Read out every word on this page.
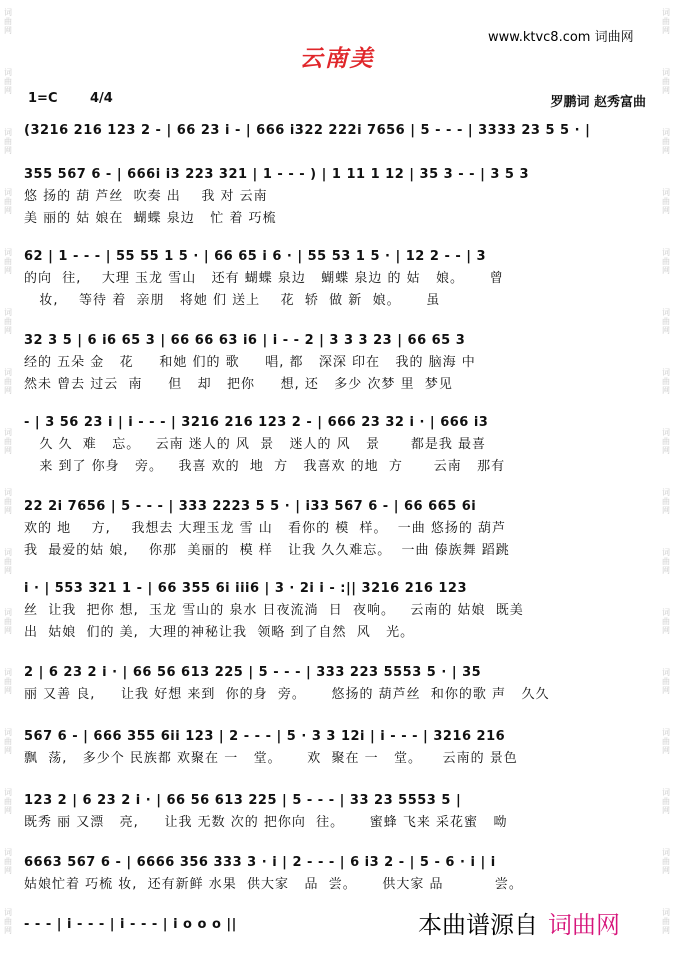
词曲网
词曲网
词曲网
词曲网
词曲网
词曲网
词曲网
词曲网
词曲网
词曲网
词曲网
词曲网
词曲网
词曲网
词曲网
词曲网
词曲网
词曲网
词曲网
词曲网
词曲网
词曲网
词曲网
词曲网
词曲网
词曲网
词曲网
词曲网
词曲网
词曲网
词曲网
词曲网
www.ktvc8.com 词曲网
云南美
1=C	4/4	罗鹏词 赵秀富曲
(3216 216 123 2 - | 66 23 i - | 666 i322 222i 7656 | 5 - - - | 3333 23 5 5 · |
355 567 6 - | 666i i3 223 321 | 1 - - - ) | 1 11 1 12 | 35 3 - - | 3 5 3
悠 扬的 葫 芦丝  吹奏 出    我 对 云南
美 丽的 姑 娘在  蝴蝶 泉边   忙 着 巧梳
62 | 1 - - - | 55 55 1 5 · | 66 65 i 6 · | 55 53 1 5 · | 12 2 - - | 3
的向  往,    大理 玉龙 雪山   还有 蝴蝶 泉边   蝴蝶 泉边 的 姑   娘。     曾
妆,    等待 着  亲朋   将她 们 送上    花  轿  做 新  娘。     虽
32 3 5 | 6 i6 65 3 | 66 66 63 i6 | i - - 2 | 3 3 3 23 | 66 65 3
经的 五朵 金   花     和她 们的 歌     唱, 都   深深 印在   我的 脑海 中
然未 曾去 过云  南     但   却   把你     想, 还   多少 次梦 里  梦见
- | 3 56 23 i | i - - - | 3216 216 123 2 - | 666 23 32 i · | 666 i3
久 久  难   忘。   云南 迷人的 风  景   迷人的 风   景      都是我 最喜
来 到了 你身   旁。   我喜 欢的  地  方   我喜欢 的地  方      云南   那有
22 2i 7656 | 5 - - - | 333 2223 5 5 · | i33 567 6 - | 66 665 6i
欢的 地    方,    我想去 大理玉龙 雪 山   看你的 模  样。  一曲 悠扬的 葫芦
我  最爱的姑 娘,    你那  美丽的  模 样   让我 久久难忘。  一曲 傣族舞 蹈跳
i · | 553 321 1 - | 66 355 6i iii6 | 3 · 2i i - :|| 3216 216 123
丝  让我  把你 想,  玉龙 雪山的 泉水 日夜流淌  日  夜响。   云南的 姑娘  既美
出  姑娘  们的 美,  大理的神秘让我  领略 到了自然  风   光。
2 | 6 23 2 i · | 66 56 613 225 | 5 - - - | 333 223 5553 5 · | 35
丽 又善 良,     让我 好想 来到  你的身  旁。     悠扬的 葫芦丝  和你的歌 声   久久
567 6 - | 666 355 6ii 123 | 2 - - - | 5 · 3 3 12i | i - - - | 3216 216
飘  荡,   多少个 民族都 欢聚在 一   堂。     欢  聚在 一   堂。    云南的 景色
123 2 | 6 23 2 i · | 66 56 613 225 | 5 - - - | 33 23 5553 5 |
既秀 丽 又漂   亮,     让我 无数 次的 把你向  往。     蜜蜂 飞来 采花蜜   呦
6663 567 6 - | 6666 356 333 3 · i | 2 - - - | 6 i3 2 - | 5 - 6 · i | i
姑娘忙着 巧梳 妆,  还有新鲜 水果  供大家   品  尝。     供大家 品          尝。
- - - | i - - - | i - - - | i o o o ||	本曲谱源自 词曲网
